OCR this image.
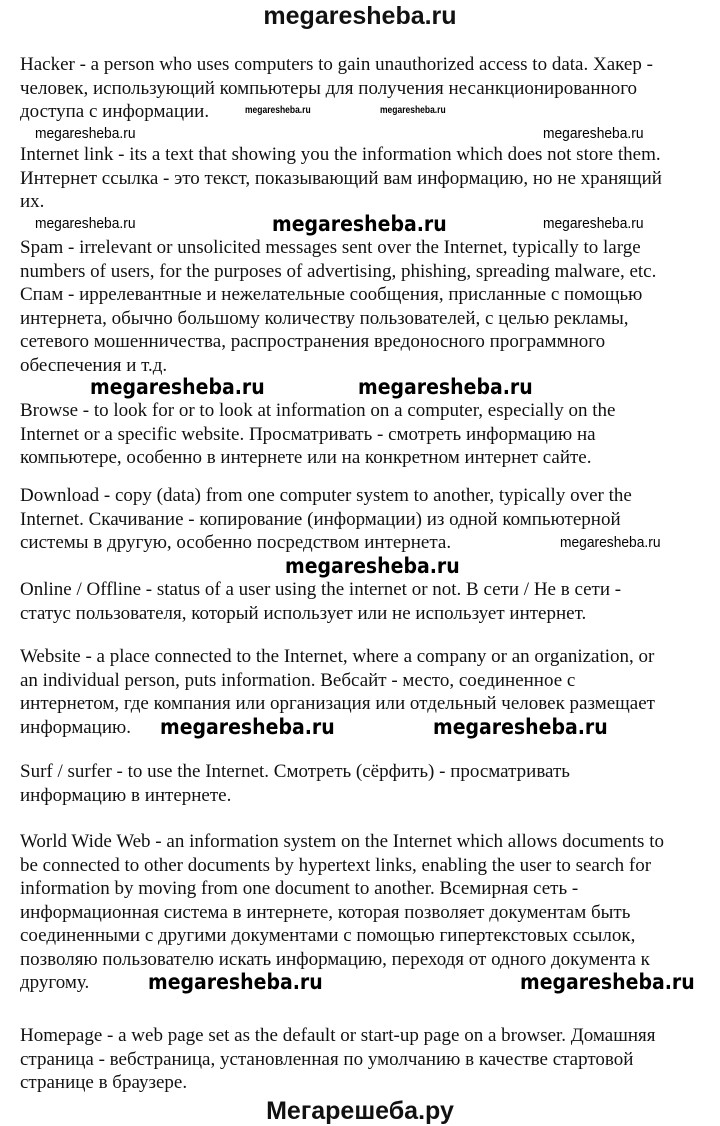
megaresheba.ru
Hacker - a person who uses computers to gain unauthorized access to data. Хакер -
человек, использующий компьютеры для получения несанкционированного
доступа с информации.
Internet link - its a text that showing you the information which does not store them.
Интернет ссылка - это текст, показывающий вам информацию, но не хранящий
их.
Spam - irrelevant or unsolicited messages sent over the Internet, typically to large
numbers of users, for the purposes of advertising, phishing, spreading malware, etc.
Спам - иррелевантные и нежелательные сообщения, присланные с помощью
интернета, обычно большому количеству пользователей, с целью рекламы,
сетевого мошенничества, распространения вредоносного программного
обеспечения и т.д.
Browse - to look for or to look at information on a computer, especially on the
Internet or a specific website. Просматривать - смотреть информацию на
компьютере, особенно в интернете или на конкретном интернет сайте.
Download - copy (data) from one computer system to another, typically over the
Internet. Скачивание - копирование (информации) из одной компьютерной
системы в другую, особенно посредством интернета.
Online / Offline - status of a user using the internet or not. В сети / Не в сети -
статус пользователя, который использует или не использует интернет.
Website - a place connected to the Internet, where a company or an organization, or
an individual person, puts information. Вебсайт - место, соединенное с
интернетом, где компания или организация или отдельный человек размещает
информацию.
Surf / surfer - to use the Internet. Смотреть (сёрфить) - просматривать
информацию в интернете.
World Wide Web - an information system on the Internet which allows documents to
be connected to other documents by hypertext links, enabling the user to search for
information by moving from one document to another. Всемирная сеть -
информационная система в интернете, которая позволяет документам быть
соединенными с другими документами с помощью гипертекстовых ссылок,
позволяю пользователю искать информацию, переходя от одного документа к
другому.
Homepage - a web page set as the default or start-up page on a browser. Домашняя
страница - вебстраница, установленная по умолчанию в качестве стартовой
странице в браузере.
megaresheba.ru
megaresheba.ru
megaresheba.ru	megaresheba.ru
megaresheba.ru	megaresheba.ru	megaresheba.ru
megaresheba.ru	megaresheba.ru
megaresheba.ru
megaresheba.ru
megaresheba.ru	megaresheba.ru
megaresheba.ru	megaresheba.ru
Мегарешеба.ру
